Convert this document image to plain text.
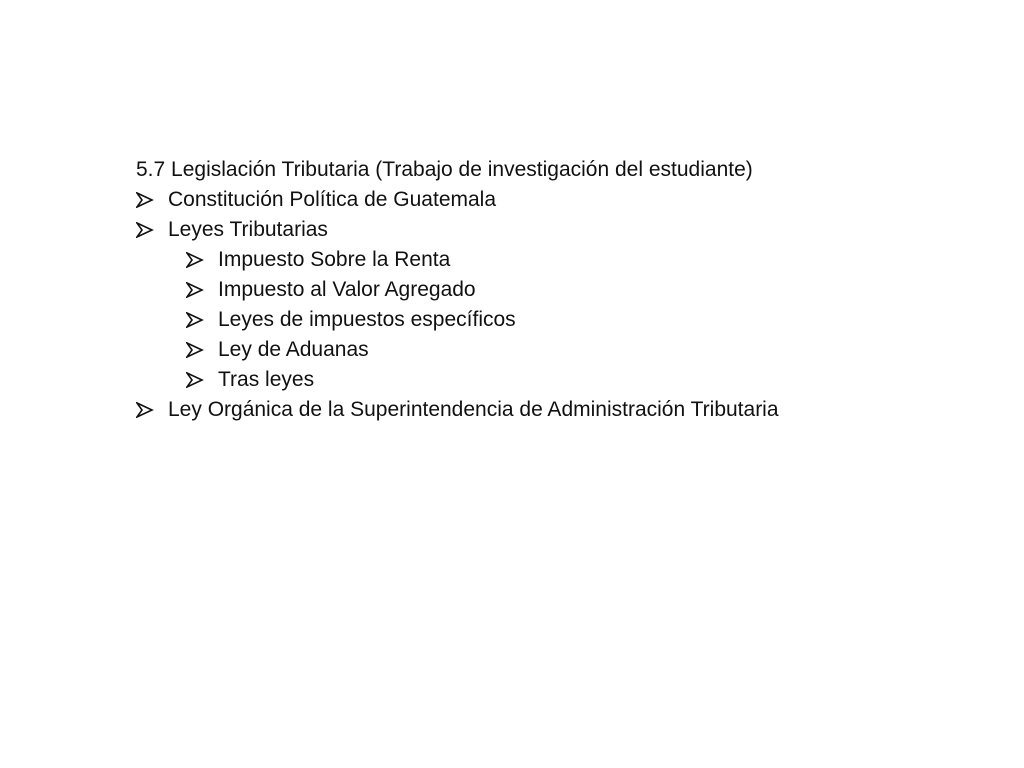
5.7 Legislación Tributaria (Trabajo de investigación del estudiante)
Constitución Política de Guatemala
Leyes Tributarias
Impuesto Sobre la Renta
Impuesto al Valor Agregado
Leyes de impuestos específicos
Ley de Aduanas
Tras leyes
Ley Orgánica de la Superintendencia de Administración Tributaria
